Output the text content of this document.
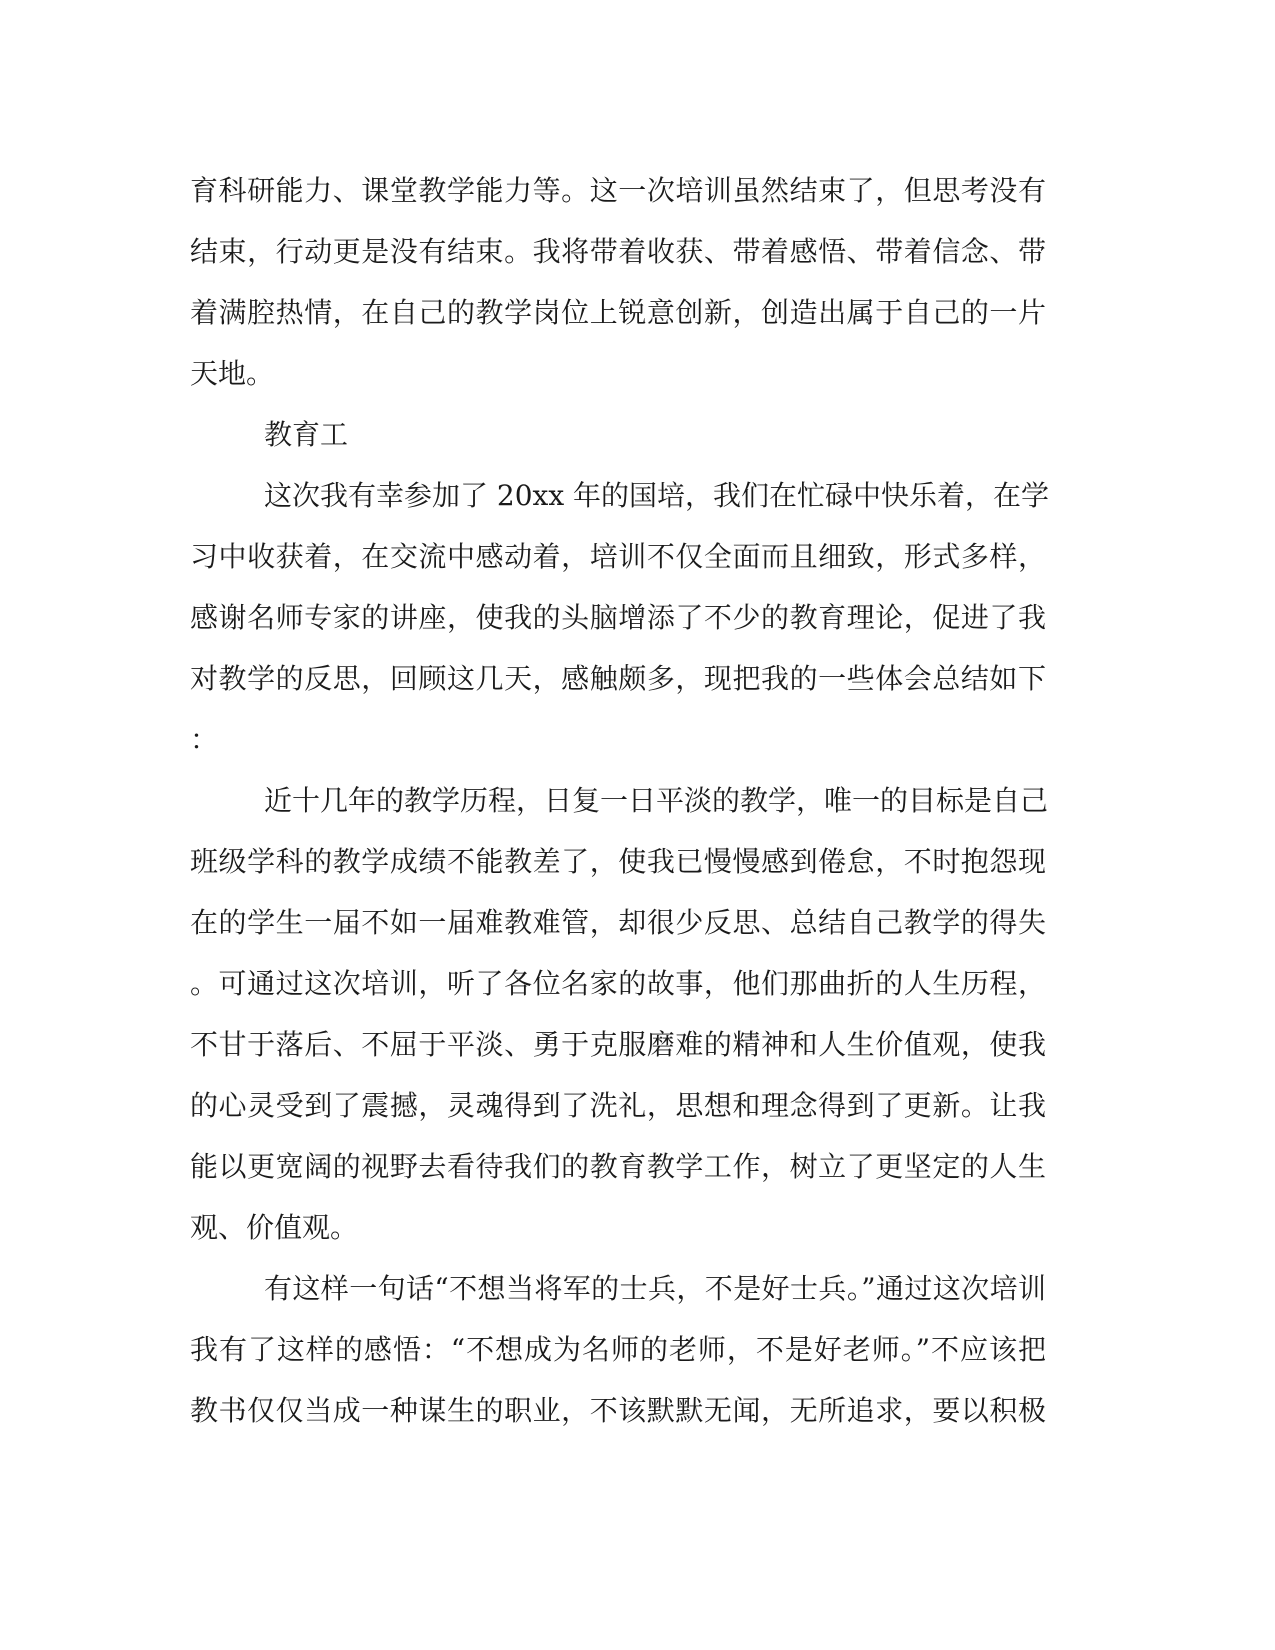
育科研能力、课堂教学能力等。这一次培训虽然结束了，但思考没有
结束，行动更是没有结束。我将带着收获、带着感悟、带着信念、带
着满腔热情，在自己的教学岗位上锐意创新，创造出属于自己的一片
天地。
教育工
这次我有幸参加了 20xx 年的国培，我们在忙碌中快乐着，在学
习中收获着，在交流中感动着，培训不仅全面而且细致，形式多样，
感谢名师专家的讲座，使我的头脑增添了不少的教育理论，促进了我
对教学的反思，回顾这几天，感触颇多，现把我的一些体会总结如下
：
近十几年的教学历程，日复一日平淡的教学，唯一的目标是自己
班级学科的教学成绩不能教差了，使我已慢慢感到倦怠，不时抱怨现
在的学生一届不如一届难教难管，却很少反思、总结自己教学的得失
。可通过这次培训，听了各位名家的故事，他们那曲折的人生历程，
不甘于落后、不屈于平淡、勇于克服磨难的精神和人生价值观，使我
的心灵受到了震撼，灵魂得到了洗礼，思想和理念得到了更新。让我
能以更宽阔的视野去看待我们的教育教学工作，树立了更坚定的人生
观、价值观。
有这样一句话“不想当将军的士兵，不是好士兵。”通过这次培训
我有了这样的感悟：“不想成为名师的老师，不是好老师。”不应该把
教书仅仅当成一种谋生的职业，不该默默无闻，无所追求，要以积极
